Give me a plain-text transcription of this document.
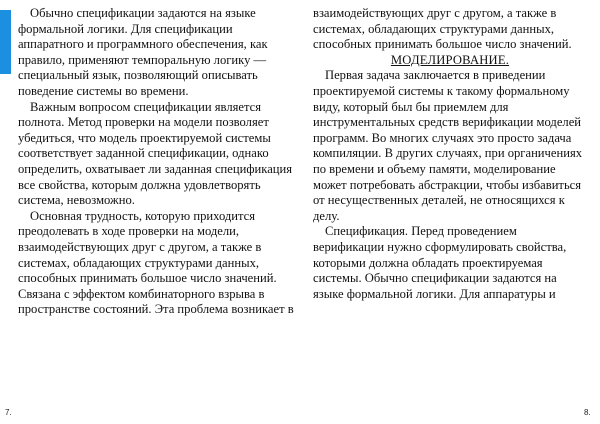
Обычно спецификации задаются на языке формальной логики. Для спецификации аппаратного и программного обеспечения, как правило, применяют темпоральную логику — специальный язык, позволяющий описывать поведение системы во времени.

Важным вопросом спецификации является полнота. Метод проверки на модели позволяет убедиться, что модель проектируемой системы соответствует заданной спецификации, однако определить, охватывает ли заданная спецификация все свойства, которым должна удовлетворять система, невозможно.

Основная трудность, которую приходится преодолевать в ходе проверки на модели, взаимодействующих друг с другом, а также в системах, обладающих структурами данных, способных принимать большое число значений. Связана с эффектом комбинаторного взрыва в пространстве состояний. Эта проблема возникает в

взаимодействующих друг с другом, а также в системах, обладающих структурами данных, способных принимать большое число значений.

МОДЕЛИРОВАНИЕ.

Первая задача заключается в приведении проектируемой системы к такому формальному виду, который был бы приемлем для инструментальных средств верификации моделей программ. Во многих случаях это просто задача компиляции. В других случаях, при органичениях по времени и объему памяти, моделирование может потребовать абстракции, чтобы избавиться от несущественных деталей, не относящихся к делу.

Спецификация. Перед проведением верификации нужно сформулировать свойства, которыми должна обладать проектируемая системы. Обычно спецификации задаются на языке формальной логики. Для аппаратуры и

7.	8.
